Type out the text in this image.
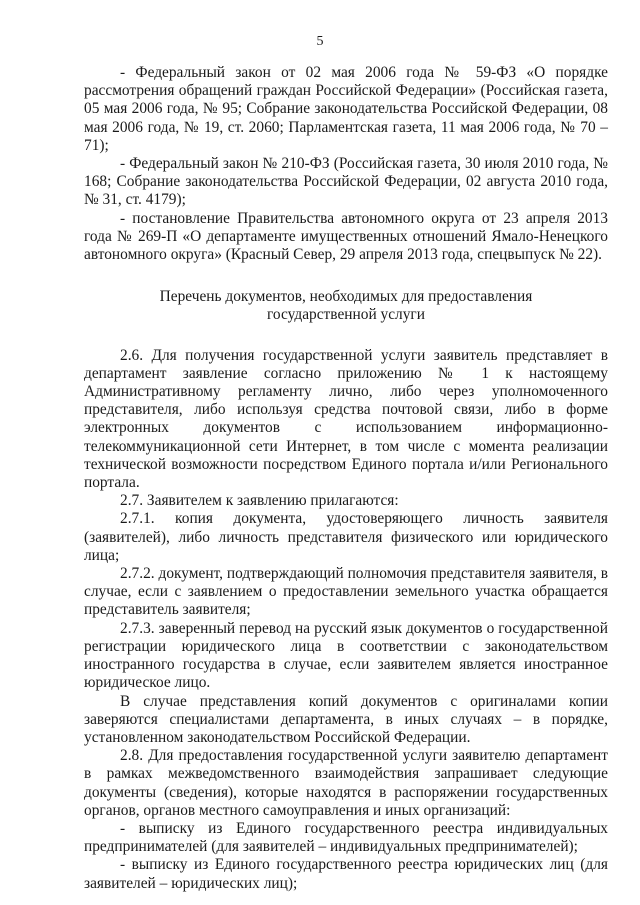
5

- Федеральный закон от 02 мая 2006 года № 59-ФЗ «О порядке рассмотрения обращений граждан Российской Федерации» (Российская газета, 05 мая 2006 года, № 95; Собрание законодательства Российской Федерации, 08 мая 2006 года, № 19, ст. 2060; Парламентская газета, 11 мая 2006 года, № 70 – 71);

- Федеральный закон № 210-ФЗ (Российская газета, 30 июля 2010 года, № 168; Собрание законодательства Российской Федерации, 02 августа 2010 года, № 31, ст. 4179);

- постановление Правительства автономного округа от 23 апреля 2013 года № 269-П «О департаменте имущественных отношений Ямало-Ненецкого автономного округа» (Красный Север, 29 апреля 2013 года, спецвыпуск № 22).

Перечень документов, необходимых для предоставления
государственной услуги

2.6. Для получения государственной услуги заявитель представляет в департамент заявление согласно приложению № 1 к настоящему Административному регламенту лично, либо через уполномоченного представителя, либо используя средства почтовой связи, либо в форме электронных документов с использованием информационно-телекоммуникационной сети Интернет, в том числе с момента реализации технической возможности посредством Единого портала и/или Регионального портала.

2.7. Заявителем к заявлению прилагаются:

2.7.1. копия документа, удостоверяющего личность заявителя (заявителей), либо личность представителя физического или юридического лица;

2.7.2. документ, подтверждающий полномочия представителя заявителя, в случае, если с заявлением о предоставлении земельного участка обращается представитель заявителя;

2.7.3. заверенный перевод на русский язык документов о государственной регистрации юридического лица в соответствии с законодательством иностранного государства в случае, если заявителем является иностранное юридическое лицо.

В случае представления копий документов с оригиналами копии заверяются специалистами департамента, в иных случаях – в порядке, установленном законодательством Российской Федерации.

2.8. Для предоставления государственной услуги заявителю департамент в рамках межведомственного взаимодействия запрашивает следующие документы (сведения), которые находятся в распоряжении государственных органов, органов местного самоуправления и иных организаций:

- выписку из Единого государственного реестра индивидуальных предпринимателей (для заявителей – индивидуальных предпринимателей);

- выписку из Единого государственного реестра юридических лиц (для заявителей – юридических лиц);
